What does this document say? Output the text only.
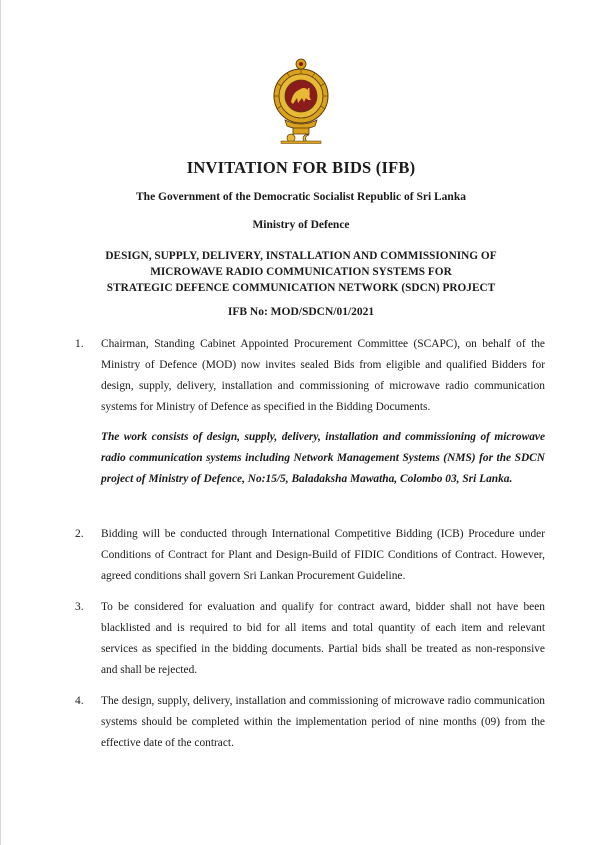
INVITATION FOR BIDS (IFB)

The Government of the Democratic Socialist Republic of Sri Lanka

Ministry of Defence

DESIGN, SUPPLY, DELIVERY, INSTALLATION AND COMMISSIONING OF
MICROWAVE RADIO COMMUNICATION SYSTEMS FOR
STRATEGIC DEFENCE COMMUNICATION NETWORK (SDCN) PROJECT

IFB No: MOD/SDCN/01/2021

1. Chairman, Standing Cabinet Appointed Procurement Committee (SCAPC), on behalf of the Ministry of Defence (MOD) now invites sealed Bids from eligible and qualified Bidders for design, supply, delivery, installation and commissioning of microwave radio communication systems for Ministry of Defence as specified in the Bidding Documents.

The work consists of design, supply, delivery, installation and commissioning of microwave radio communication systems including Network Management Systems (NMS) for the SDCN project of Ministry of Defence, No:15/5, Baladaksha Mawatha, Colombo 03, Sri Lanka.

2. Bidding will be conducted through International Competitive Bidding (ICB) Procedure under Conditions of Contract for Plant and Design-Build of FIDIC Conditions of Contract. However, agreed conditions shall govern Sri Lankan Procurement Guideline.

3. To be considered for evaluation and qualify for contract award, bidder shall not have been blacklisted and is required to bid for all items and total quantity of each item and relevant services as specified in the bidding documents. Partial bids shall be treated as non-responsive and shall be rejected.

4. The design, supply, delivery, installation and commissioning of microwave radio communication systems should be completed within the implementation period of nine months (09) from the effective date of the contract.
